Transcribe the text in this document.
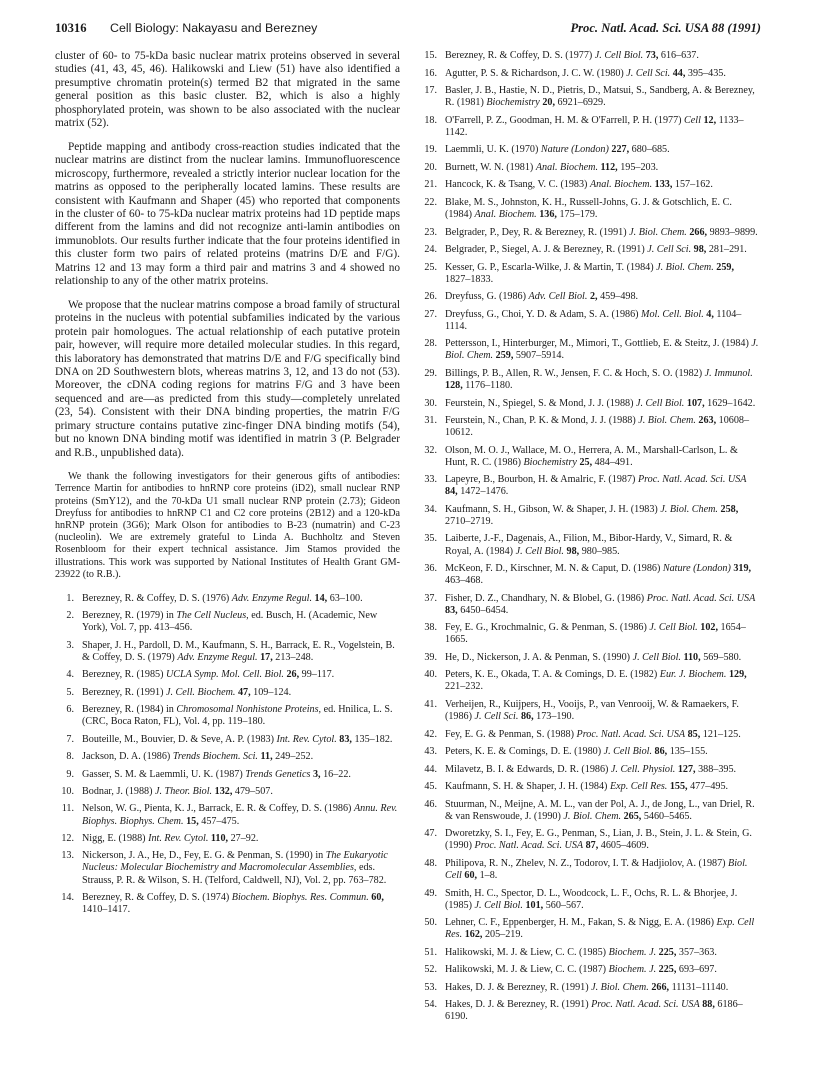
10316 Cell Biology: Nakayasu and Berezney	Proc. Natl. Acad. Sci. USA 88 (1991)

cluster of 60- to 75-kDa basic nuclear matrix proteins observed in several studies (41, 43, 45, 46). Halikowski and Liew (51) have also identified a presumptive chromatin protein(s) termed B2 that migrated in the same general position as this basic cluster. B2, which is also a highly phosphorylated protein, was shown to be also associated with the nuclear matrix (52).

Peptide mapping and antibody cross-reaction studies indicated that the nuclear matrins are distinct from the nuclear lamins. Immunofluorescence microscopy, furthermore, revealed a strictly interior nuclear location for the matrins as opposed to the peripherally located lamins. These results are consistent with Kaufmann and Shaper (45) who reported that components in the cluster of 60- to 75-kDa nuclear matrix proteins had 1D peptide maps different from the lamins and did not recognize anti-lamin antibodies on immunoblots. Our results further indicate that the four proteins identified in this cluster form two pairs of related proteins (matrins D/E and F/G). Matrins 12 and 13 may form a third pair and matrins 3 and 4 showed no relationship to any of the other matrix proteins.

We propose that the nuclear matrins compose a broad family of structural proteins in the nucleus with potential subfamilies indicated by the various protein pair homologues. The actual relationship of each putative protein pair, however, will require more detailed molecular studies. In this regard, this laboratory has demonstrated that matrins D/E and F/G specifically bind DNA on 2D Southwestern blots, whereas matrins 3, 12, and 13 do not (53). Moreover, the cDNA coding regions for matrins F/G and 3 have been sequenced and are—as predicted from this study—completely unrelated (23, 54). Consistent with their DNA binding properties, the matrin F/G primary structure contains putative zinc-finger DNA binding motifs (54), but no known DNA binding motif was identified in matrin 3 (P. Belgrader and R.B., unpublished data).

We thank the following investigators for their generous gifts of antibodies: Terrence Martin for antibodies to hnRNP core proteins (iD2), small nuclear RNP proteins (SmY12), and the 70-kDa U1 small nuclear RNP protein (2.73); Gideon Dreyfuss for antibodies to hnRNP C1 and C2 core proteins (2B12) and a 120-kDa hnRNP protein (3G6); Mark Olson for antibodies to B-23 (numatrin) and C-23 (nucleolin). We are extremely grateful to Linda A. Buchholtz and Steven Rosenbloom for their expert technical assistance. Jim Stamos provided the illustrations. This work was supported by National Institutes of Health Grant GM-23922 (to R.B.).

1. Berezney, R. & Coffey, D. S. (1976) Adv. Enzyme Regul. 14, 63–100.
2. Berezney, R. (1979) in The Cell Nucleus, ed. Busch, H. (Academic, New York), Vol. 7, pp. 413–456.
3. Shaper, J. H., Pardoll, D. M., Kaufmann, S. H., Barrack, E. R., Vogelstein, B. & Coffey, D. S. (1979) Adv. Enzyme Regul. 17, 213–248.
4. Berezney, R. (1985) UCLA Symp. Mol. Cell. Biol. 26, 99–117.
5. Berezney, R. (1991) J. Cell. Biochem. 47, 109–124.
6. Berezney, R. (1984) in Chromosomal Nonhistone Proteins, ed. Hnilica, L. S. (CRC, Boca Raton, FL), Vol. 4, pp. 119–180.
7. Bouteille, M., Bouvier, D. & Seve, A. P. (1983) Int. Rev. Cytol. 83, 135–182.
8. Jackson, D. A. (1986) Trends Biochem. Sci. 11, 249–252.
9. Gasser, S. M. & Laemmli, U. K. (1987) Trends Genetics 3, 16–22.
10. Bodnar, J. (1988) J. Theor. Biol. 132, 479–507.
11. Nelson, W. G., Pienta, K. J., Barrack, E. R. & Coffey, D. S. (1986) Annu. Rev. Biophys. Biophys. Chem. 15, 457–475.
12. Nigg, E. (1988) Int. Rev. Cytol. 110, 27–92.
13. Nickerson, J. A., He, D., Fey, E. G. & Penman, S. (1990) in The Eukaryotic Nucleus: Molecular Biochemistry and Macromolecular Assemblies, eds. Strauss, P. R. & Wilson, S. H. (Telford, Caldwell, NJ), Vol. 2, pp. 763–782.
14. Berezney, R. & Coffey, D. S. (1974) Biochem. Biophys. Res. Commun. 60, 1410–1417.
15. Berezney, R. & Coffey, D. S. (1977) J. Cell Biol. 73, 616–637.
16. Agutter, P. S. & Richardson, J. C. W. (1980) J. Cell Sci. 44, 395–435.
17. Basler, J. B., Hastie, N. D., Pietris, D., Matsui, S., Sandberg, A. & Berezney, R. (1981) Biochemistry 20, 6921–6929.
18. O'Farrell, P. Z., Goodman, H. M. & O'Farrell, P. H. (1977) Cell 12, 1133–1142.
19. Laemmli, U. K. (1970) Nature (London) 227, 680–685.
20. Burnett, W. N. (1981) Anal. Biochem. 112, 195–203.
21. Hancock, K. & Tsang, V. C. (1983) Anal. Biochem. 133, 157–162.
22. Blake, M. S., Johnston, K. H., Russell-Johns, G. J. & Gotschlich, E. C. (1984) Anal. Biochem. 136, 175–179.
23. Belgrader, P., Dey, R. & Berezney, R. (1991) J. Biol. Chem. 266, 9893–9899.
24. Belgrader, P., Siegel, A. J. & Berezney, R. (1991) J. Cell Sci. 98, 281–291.
25. Kesser, G. P., Escarla-Wilke, J. & Martin, T. (1984) J. Biol. Chem. 259, 1827–1833.
26. Dreyfuss, G. (1986) Adv. Cell Biol. 2, 459–498.
27. Dreyfuss, G., Choi, Y. D. & Adam, S. A. (1986) Mol. Cell. Biol. 4, 1104–1114.
28. Pettersson, I., Hinterburger, M., Mimori, T., Gottlieb, E. & Steitz, J. (1984) J. Biol. Chem. 259, 5907–5914.
29. Billings, P. B., Allen, R. W., Jensen, F. C. & Hoch, S. O. (1982) J. Immunol. 128, 1176–1180.
30. Feurstein, N., Spiegel, S. & Mond, J. J. (1988) J. Cell Biol. 107, 1629–1642.
31. Feurstein, N., Chan, P. K. & Mond, J. J. (1988) J. Biol. Chem. 263, 10608–10612.
32. Olson, M. O. J., Wallace, M. O., Herrera, A. M., Marshall-Carlson, L. & Hunt, R. C. (1986) Biochemistry 25, 484–491.
33. Lapeyre, B., Bourbon, H. & Amalric, F. (1987) Proc. Natl. Acad. Sci. USA 84, 1472–1476.
34. Kaufmann, S. H., Gibson, W. & Shaper, J. H. (1983) J. Biol. Chem. 258, 2710–2719.
35. Laiberte, J.-F., Dagenais, A., Filion, M., Bibor-Hardy, V., Simard, R. & Royal, A. (1984) J. Cell Biol. 98, 980–985.
36. McKeon, F. D., Kirschner, M. N. & Caput, D. (1986) Nature (London) 319, 463–468.
37. Fisher, D. Z., Chandhary, N. & Blobel, G. (1986) Proc. Natl. Acad. Sci. USA 83, 6450–6454.
38. Fey, E. G., Krochmalnic, G. & Penman, S. (1986) J. Cell Biol. 102, 1654–1665.
39. He, D., Nickerson, J. A. & Penman, S. (1990) J. Cell Biol. 110, 569–580.
40. Peters, K. E., Okada, T. A. & Comings, D. E. (1982) Eur. J. Biochem. 129, 221–232.
41. Verheijen, R., Kuijpers, H., Vooijs, P., van Venrooij, W. & Ramaekers, F. (1986) J. Cell Sci. 86, 173–190.
42. Fey, E. G. & Penman, S. (1988) Proc. Natl. Acad. Sci. USA 85, 121–125.
43. Peters, K. E. & Comings, D. E. (1980) J. Cell Biol. 86, 135–155.
44. Milavetz, B. I. & Edwards, D. R. (1986) J. Cell. Physiol. 127, 388–395.
45. Kaufmann, S. H. & Shaper, J. H. (1984) Exp. Cell Res. 155, 477–495.
46. Stuurman, N., Meijne, A. M. L., van der Pol, A. J., de Jong, L., van Driel, R. & van Renswoude, J. (1990) J. Biol. Chem. 265, 5460–5465.
47. Dworetzky, S. I., Fey, E. G., Penman, S., Lian, J. B., Stein, J. L. & Stein, G. (1990) Proc. Natl. Acad. Sci. USA 87, 4605–4609.
48. Philipova, R. N., Zhelev, N. Z., Todorov, I. T. & Hadjiolov, A. (1987) Biol. Cell 60, 1–8.
49. Smith, H. C., Spector, D. L., Woodcock, L. F., Ochs, R. L. & Bhorjee, J. (1985) J. Cell Biol. 101, 560–567.
50. Lehner, C. F., Eppenberger, H. M., Fakan, S. & Nigg, E. A. (1986) Exp. Cell Res. 162, 205–219.
51. Halikowski, M. J. & Liew, C. C. (1985) Biochem. J. 225, 357–363.
52. Halikowski, M. J. & Liew, C. C. (1987) Biochem. J. 225, 693–697.
53. Hakes, D. J. & Berezney, R. (1991) J. Biol. Chem. 266, 11131–11140.
54. Hakes, D. J. & Berezney, R. (1991) Proc. Natl. Acad. Sci. USA 88, 6186–6190.
